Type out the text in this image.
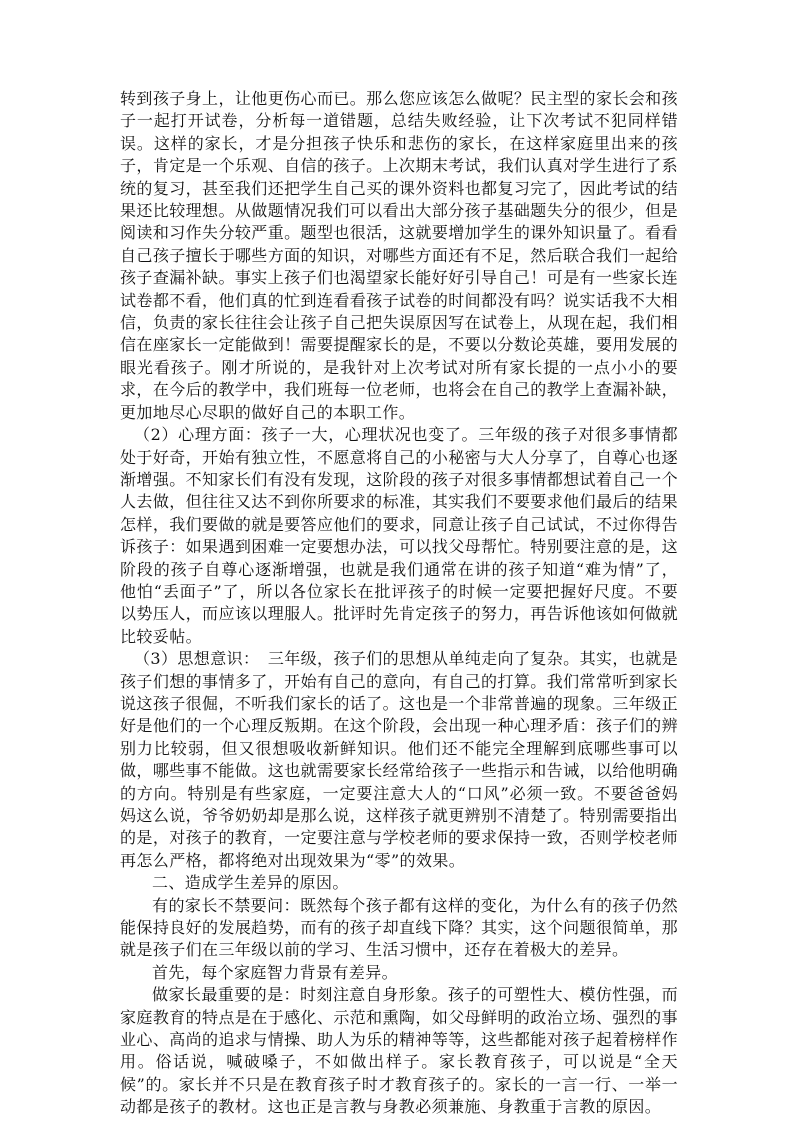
转到孩子身上，让他更伤心而已。那么您应该怎么做呢？民主型的家长会和孩子一起打开试卷，分析每一道错题，总结失败经验，让下次考试不犯同样错误。这样的家长，才是分担孩子快乐和悲伤的家长，在这样家庭里出来的孩子，肯定是一个乐观、自信的孩子。上次期末考试，我们认真对学生进行了系统的复习，甚至我们还把学生自己买的课外资料也都复习完了，因此考试的结果还比较理想。从做题情况我们可以看出大部分孩子基础题失分的很少，但是阅读和习作失分较严重。题型也很活，这就要增加学生的课外知识量了。看看自己孩子擅长于哪些方面的知识，对哪些方面还有不足，然后联合我们一起给孩子查漏补缺。事实上孩子们也渴望家长能好好引导自己！可是有一些家长连试卷都不看，他们真的忙到连看看孩子试卷的时间都没有吗？说实话我不大相信，负责的家长往往会让孩子自己把失误原因写在试卷上，从现在起，我们相信在座家长一定能做到！需要提醒家长的是，不要以分数论英雄，要用发展的眼光看孩子。刚才所说的，是我针对上次考试对所有家长提的一点小小的要求，在今后的教学中，我们班每一位老师，也将会在自己的教学上查漏补缺，更加地尽心尽职的做好自己的本职工作。

（2）心理方面：孩子一大，心理状况也变了。三年级的孩子对很多事情都处于好奇，开始有独立性，不愿意将自己的小秘密与大人分享了，自尊心也逐渐增强。不知家长们有没有发现，这阶段的孩子对很多事情都想试着自己一个人去做，但往往又达不到你所要求的标准，其实我们不要要求他们最后的结果怎样，我们要做的就是要答应他们的要求，同意让孩子自己试试，不过你得告诉孩子：如果遇到困难一定要想办法，可以找父母帮忙。特别要注意的是，这阶段的孩子自尊心逐渐增强，也就是我们通常在讲的孩子知道“难为情”了，他怕“丢面子”了，所以各位家长在批评孩子的时候一定要把握好尺度。不要以势压人，而应该以理服人。批评时先肯定孩子的努力，再告诉他该如何做就比较妥帖。

（3）思想意识：　三年级，孩子们的思想从单纯走向了复杂。其实，也就是孩子们想的事情多了，开始有自己的意向，有自己的打算。我们常常听到家长说这孩子很倔，不听我们家长的话了。这也是一个非常普遍的现象。三年级正好是他们的一个心理反叛期。在这个阶段，会出现一种心理矛盾：孩子们的辨别力比较弱，但又很想吸收新鲜知识。他们还不能完全理解到底哪些事可以做，哪些事不能做。这也就需要家长经常给孩子一些指示和告诫，以给他明确的方向。特别是有些家庭，一定要注意大人的“口风”必须一致。不要爸爸妈妈这么说，爷爷奶奶却是那么说，这样孩子就更辨别不清楚了。特别需要指出的是，对孩子的教育，一定要注意与学校老师的要求保持一致，否则学校老师再怎么严格，都将绝对出现效果为“零”的效果。

二、造成学生差异的原因。

有的家长不禁要问：既然每个孩子都有这样的变化，为什么有的孩子仍然能保持良好的发展趋势，而有的孩子却直线下降？其实，这个问题很简单，那就是孩子们在三年级以前的学习、生活习惯中，还存在着极大的差异。

首先，每个家庭智力背景有差异。

做家长最重要的是：时刻注意自身形象。孩子的可塑性大、模仿性强，而家庭教育的特点是在于感化、示范和熏陶，如父母鲜明的政治立场、强烈的事业心、高尚的追求与情操、助人为乐的精神等等，这些都能对孩子起着榜样作用。俗话说，喊破嗓子，不如做出样子。家长教育孩子，可以说是“全天候”的。家长并不只是在教育孩子时才教育孩子的。家长的一言一行、一举一动都是孩子的教材。这也正是言教与身教必须兼施、身教重于言教的原因。
